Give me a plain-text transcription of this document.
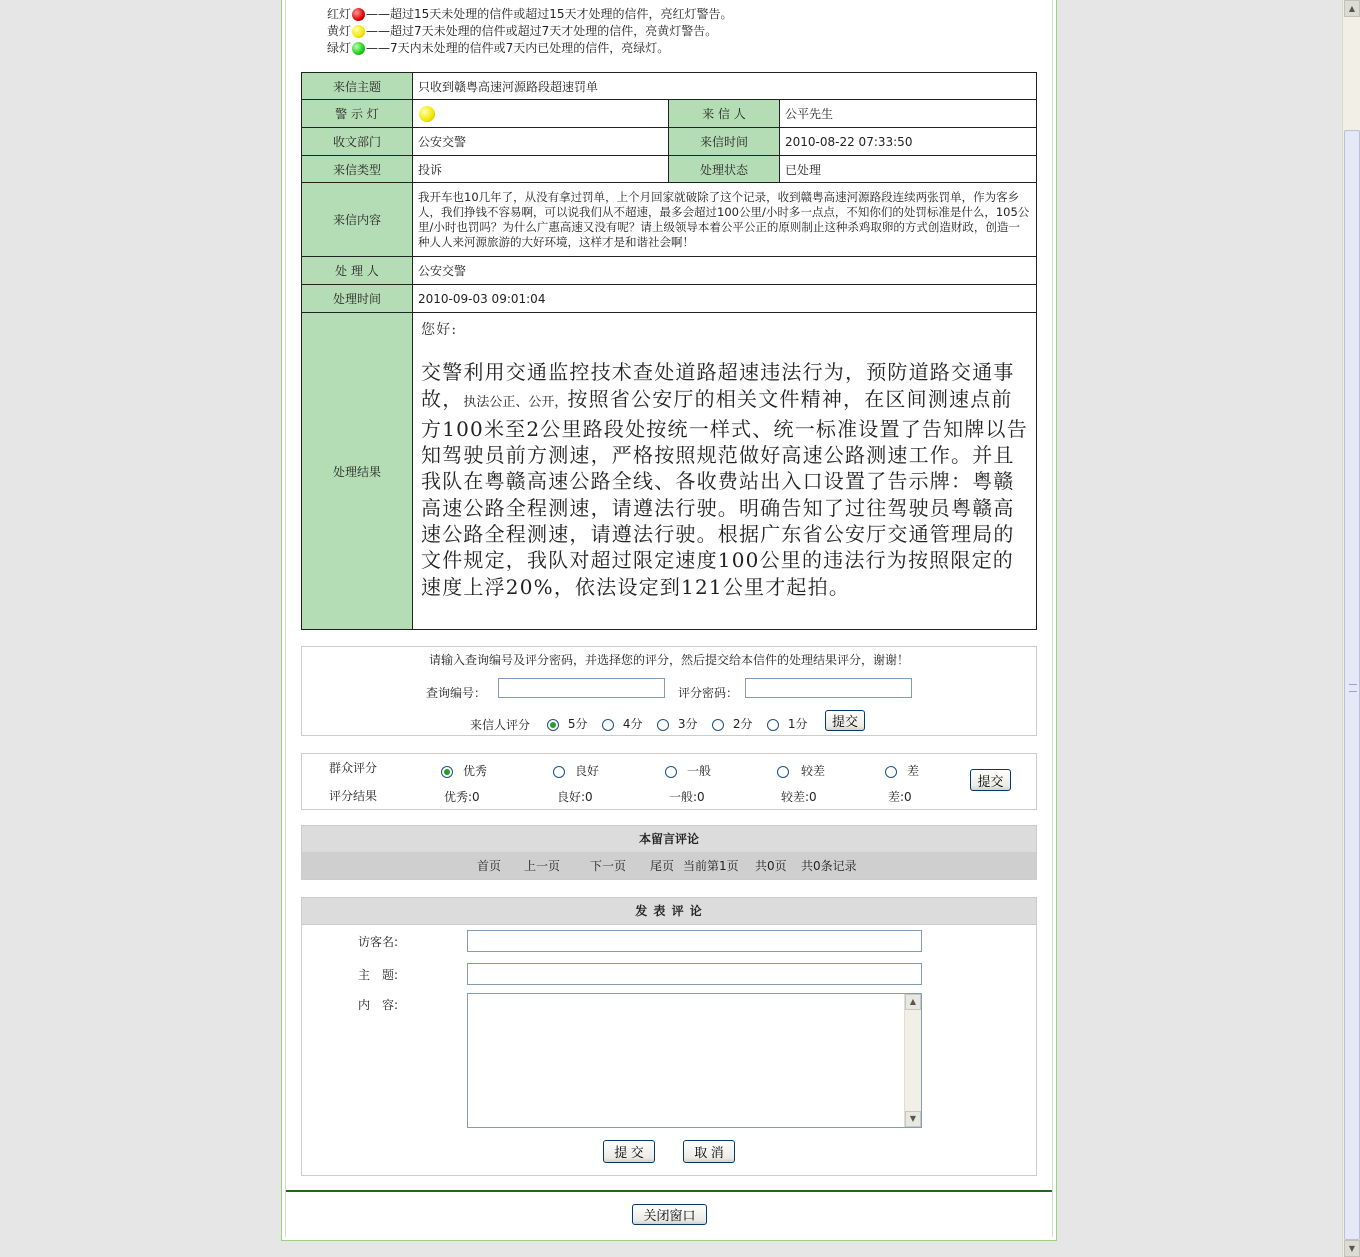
▲
▼
红灯 ——超过15天未处理的信件或超过15天才处理的信件，亮红灯警告。
黄灯 ——超过7天未处理的信件或超过7天才处理的信件，亮黄灯警告。
绿灯 ——7天内未处理的信件或7天内已处理的信件，亮绿灯。
来信主题	只收到赣粤高速河源路段超速罚单		
警 示 灯		来 信 人	公平先生
收文部门	公安交警	来信时间	2010-08-22 07:33:50
来信类型	投诉	处理状态	已处理
来信内容	我开车也10几年了，从没有拿过罚单，上个月回家就破除了这个记录，收到赣粤高速河源路段连续两张罚单，作为客乡人，我们挣钱不容易啊，可以说我们从不超速，最多会超过100公里/小时多一点点，不知你们的处罚标准是什么，105公里/小时也罚吗？为什么广惠高速又没有呢？请上级领导本着公平公正的原则制止这种杀鸡取卵的方式创造财政，创造一种人人来河源旅游的大好环境，这样才是和谐社会啊！		
处 理 人	公安交警		
处理时间	2010-09-03 09:01:04		
处理结果	您好:
交警利用交通监控技术查处道路超速违法行为，预防道路交通事故，执法公正、公开，按照省公安厅的相关文件精神，在区间测速点前方100米至2公里路段处按统一样式、统一标准设置了告知牌以告知驾驶员前方测速，严格按照规范做好高速公路测速工作。并且我队在粤赣高速公路全线、各收费站出入口设置了告示牌：粤赣高速公路全程测速，请遵法行驶。明确告知了过往驾驶员粤赣高速公路全程测速，请遵法行驶。根据广东省公安厅交通管理局的文件规定，我队对超过限定速度100公里的违法行为按照限定的速度上浮20%，依法设定到121公里才起拍。		
请输入查询编号及评分密码，并选择您的评分，然后提交给本信件的处理结果评分，谢谢！
查询编号：	评分密码：
来信人评分	5分	4分	3分	2分	1分	提交
群众评分	优秀	良好	一般	较差	差
提交
评分结果	优秀:0	良好:0	一般:0	较差:0	差:0
本留言评论
首页 上一页 下一页 尾页 当前第1页 共0页 共0条记录
发 表 评 论
访客名:
主　题:
内　容:	▲
▼
提 交	取 消
关闭窗口
